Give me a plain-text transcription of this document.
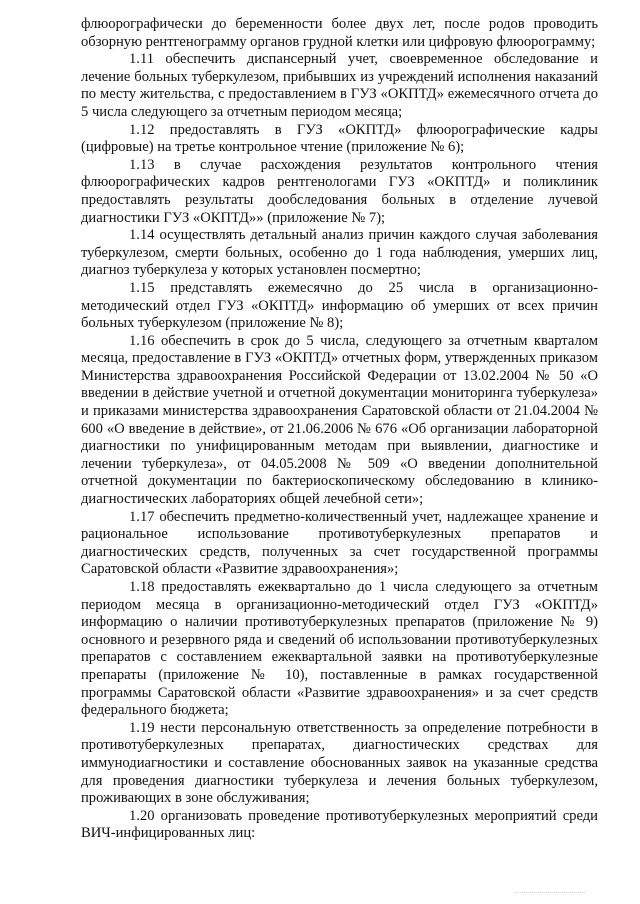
флюорографически до беременности более двух лет, после родов проводить обзорную рентгенограмму органов грудной клетки или цифровую флюорограмму;

1.11 обеспечить диспансерный учет, своевременное обследование и лечение больных туберкулезом, прибывших из учреждений исполнения наказаний по месту жительства, с предоставлением в ГУЗ «ОКПТД» ежемесячного отчета до 5 числа следующего за отчетным периодом месяца;

1.12 предоставлять в ГУЗ «ОКПТД» флюорографические кадры (цифровые) на третье контрольное чтение (приложение № 6);

1.13 в случае расхождения результатов контрольного чтения флюорографических кадров рентгенологами ГУЗ «ОКПТД» и поликлиник предоставлять результаты дообследования больных в отделение лучевой диагностики ГУЗ «ОКПТД»» (приложение № 7);

1.14 осуществлять детальный анализ причин каждого случая заболевания туберкулезом, смерти больных, особенно до 1 года наблюдения, умерших лиц, диагноз туберкулеза у которых установлен посмертно;

1.15 представлять ежемесячно до 25 числа в организационно-методический отдел ГУЗ «ОКПТД» информацию об умерших от всех причин больных туберкулезом (приложение № 8);

1.16 обеспечить в срок до 5 числа, следующего за отчетным кварталом месяца, предоставление в ГУЗ «ОКПТД» отчетных форм, утвержденных приказом Министерства здравоохранения Российской Федерации от 13.02.2004 № 50 «О введении в действие учетной и отчетной документации мониторинга туберкулеза» и приказами министерства здравоохранения Саратовской области от 21.04.2004 № 600 «О введение в действие», от 21.06.2006 № 676 «Об организации лабораторной диагностики по унифицированным методам при выявлении, диагностике и лечении туберкулеза», от 04.05.2008 № 509 «О введении дополнительной отчетной документации по бактериоскопическому обследованию в клинико-диагностических лабораториях общей лечебной сети»;

1.17 обеспечить предметно-количественный учет, надлежащее хранение и рациональное использование противотуберкулезных препаратов и диагностических средств, полученных за счет государственной программы Саратовской области «Развитие здравоохранения»;

1.18 предоставлять ежеквартально до 1 числа следующего за отчетным периодом месяца в организационно-методический отдел ГУЗ «ОКПТД» информацию о наличии противотуберкулезных препаратов (приложение № 9) основного и резервного ряда и сведений об использовании противотуберкулезных препаратов с составлением ежеквартальной заявки на противотуберкулезные препараты (приложение № 10), поставленные в рамках государственной программы Саратовской области «Развитие здравоохранения» и за счет средств федерального бюджета;

1.19 нести персональную ответственность за определение потребности в противотуберкулезных препаратах, диагностических средствах для иммунодиагностики и составление обоснованных заявок на указанные средства для проведения диагностики туберкулеза и лечения больных туберкулезом, проживающих в зоне обслуживания;

1.20 организовать проведение противотуберкулезных мероприятий среди ВИЧ-инфицированных лиц:
